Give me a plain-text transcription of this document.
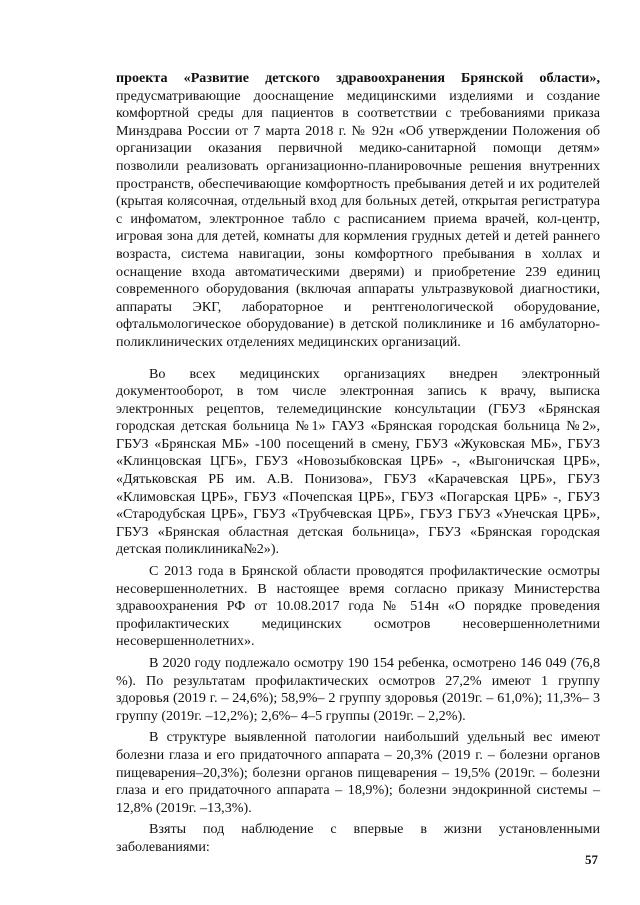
проекта «Развитие детского здравоохранения Брянской области», предусматривающие дооснащение медицинскими изделиями и создание комфортной среды для пациентов в соответствии с требованиями приказа Минздрава России от 7 марта 2018 г. № 92н «Об утверждении Положения об организации оказания первичной медико-санитарной помощи детям» позволили реализовать организационно-планировочные решения внутренних пространств, обеспечивающие комфортность пребывания детей и их родителей (крытая колясочная, отдельный вход для больных детей, открытая регистратура с инфоматом, электронное табло с расписанием приема врачей, кол-центр, игровая зона для детей, комнаты для кормления грудных детей и детей раннего возраста, система навигации, зоны комфортного пребывания в холлах и оснащение входа автоматическими дверями) и приобретение 239 единиц современного оборудования (включая аппараты ультразвуковой диагностики, аппараты ЭКГ, лабораторное и рентгенологической оборудование, офтальмологическое оборудование) в детской поликлинике и 16 амбулаторно-поликлинических отделениях медицинских организаций.

Во всех медицинских организациях внедрен электронный документооборот, в том числе электронная запись к врачу, выписка электронных рецептов, телемедицинские консультации (ГБУЗ «Брянская городская детская больница №1» ГАУЗ «Брянская городская больница №2», ГБУЗ «Брянская МБ» -100 посещений в смену, ГБУЗ «Жуковская МБ», ГБУЗ «Клинцовская ЦГБ», ГБУЗ «Новозыбковская ЦРБ» -, «Выгоничская ЦРБ», «Дятьковская РБ им. А.В. Понизова», ГБУЗ «Карачевская ЦРБ», ГБУЗ «Климовская ЦРБ», ГБУЗ «Почепская ЦРБ», ГБУЗ «Погарская ЦРБ» -, ГБУЗ «Стародубская ЦРБ», ГБУЗ «Трубчевская ЦРБ», ГБУЗ ГБУЗ «Унечская ЦРБ», ГБУЗ «Брянская областная детская больница», ГБУЗ «Брянская городская детская поликлиника№2»).

С 2013 года в Брянской области проводятся профилактические осмотры несовершеннолетних. В настоящее время согласно приказу Министерства здравоохранения РФ от 10.08.2017 года № 514н «О порядке проведения профилактических медицинских осмотров несовершеннолетними несовершеннолетних».

В 2020 году подлежало осмотру 190 154 ребенка, осмотрено 146 049 (76,8 %). По результатам профилактических осмотров 27,2% имеют 1 группу здоровья (2019 г. – 24,6%); 58,9%– 2 группу здоровья (2019г. – 61,0%); 11,3%– 3 группу (2019г. –12,2%); 2,6%– 4–5 группы (2019г. – 2,2%).

В структуре выявленной патологии наибольший удельный вес имеют болезни глаза и его придаточного аппарата – 20,3% (2019 г. – болезни органов пищеварения–20,3%); болезни органов пищеварения – 19,5% (2019г. – болезни глаза и его придаточного аппарата – 18,9%); болезни эндокринной системы – 12,8% (2019г. –13,3%).

Взяты под наблюдение с впервые в жизни установленными заболеваниями:

57
